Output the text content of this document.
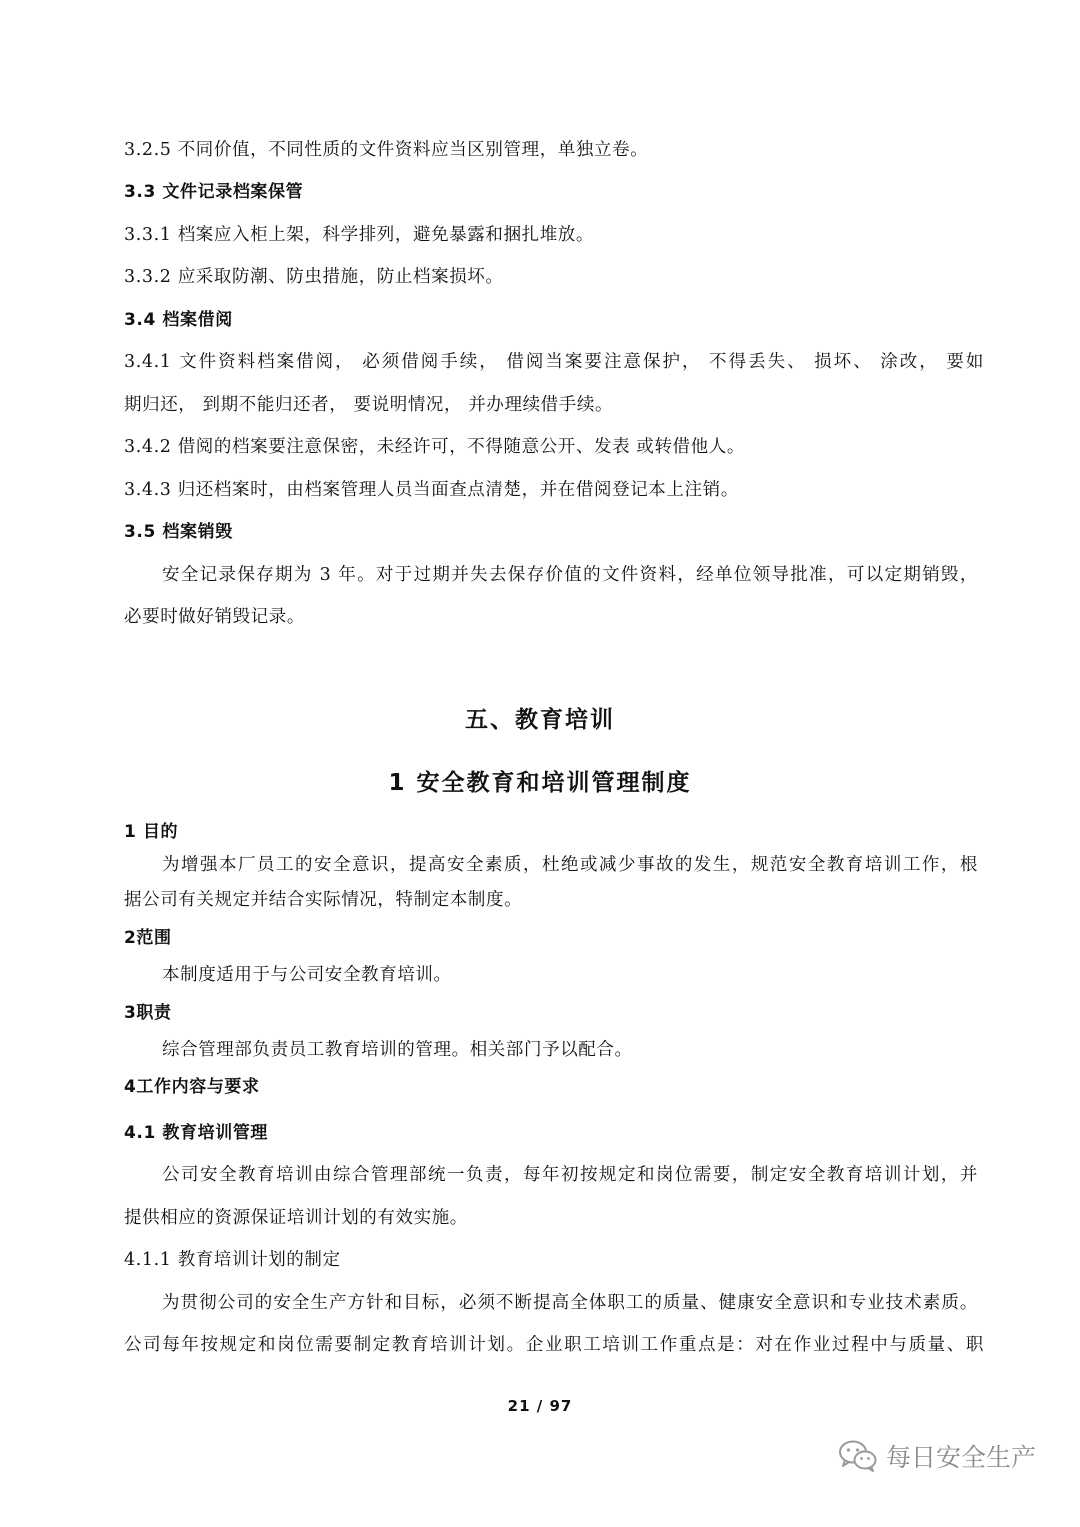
3.2.5 不同价值，不同性质的文件资料应当区别管理，单独立卷。
3.3 文件记录档案保管
3.3.1 档案应入柜上架，科学排列，避免暴露和捆扎堆放。
3.3.2 应采取防潮、防虫措施，防止档案损坏。
3.4 档案借阅
3.4.1 文件资料档案借阅， 必须借阅手续， 借阅当案要注意保护， 不得丢失、 损坏、 涂改， 要如
期归还， 到期不能归还者， 要说明情况， 并办理续借手续。
3.4.2 借阅的档案要注意保密，未经许可，不得随意公开、发表 或转借他人。
3.4.3 归还档案时，由档案管理人员当面查点清楚，并在借阅登记本上注销。
3.5 档案销毁
安全记录保存期为 3 年。对于过期并失去保存价值的文件资料，经单位领导批准，可以定期销毁，
必要时做好销毁记录。
五、教育培训
1 安全教育和培训管理制度
1 目的
为增强本厂员工的安全意识，提高安全素质，杜绝或减少事故的发生，规范安全教育培训工作，根
据公司有关规定并结合实际情况，特制定本制度。
2范围
本制度适用于与公司安全教育培训。
3职责
综合管理部负责员工教育培训的管理。相关部门予以配合。
4工作内容与要求
4.1 教育培训管理
公司安全教育培训由综合管理部统一负责，每年初按规定和岗位需要，制定安全教育培训计划，并
提供相应的资源保证培训计划的有效实施。
4.1.1 教育培训计划的制定
为贯彻公司的安全生产方针和目标，必须不断提高全体职工的质量、健康安全意识和专业技术素质。
公司每年按规定和岗位需要制定教育培训计划。企业职工培训工作重点是：对在作业过程中与质量、职
21 / 97
每日安全生产
